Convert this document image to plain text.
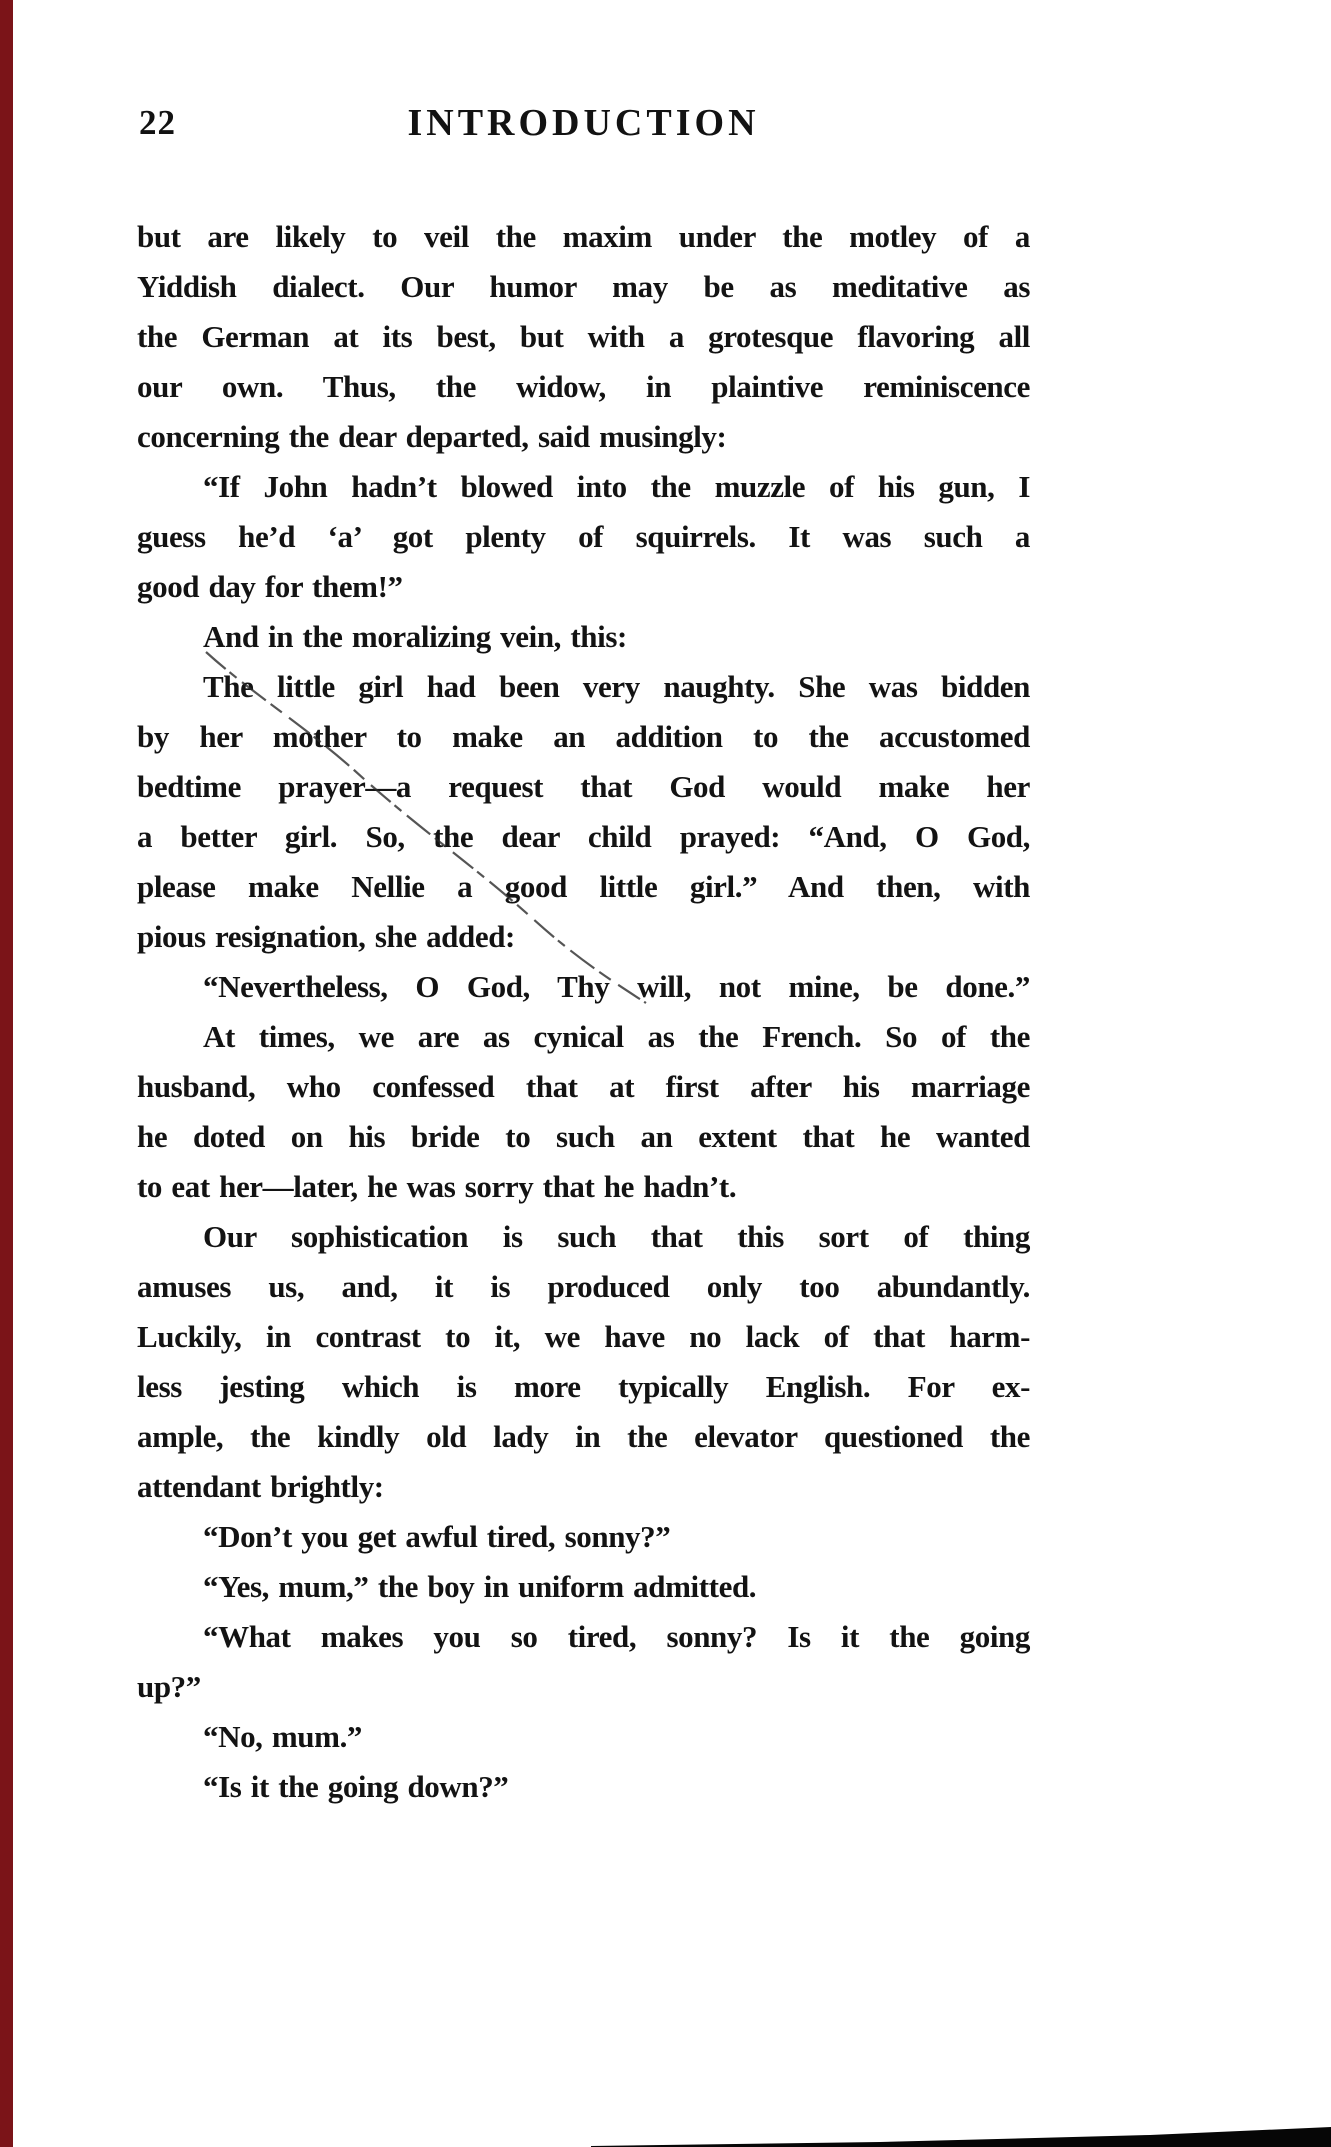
22	INTRODUCTION
but are likely to veil the maxim under the motley of a
Yiddish dialect. Our humor may be as meditative as
the German at its best, but with a grotesque flavoring all
our own. Thus, the widow, in plaintive reminiscence
concerning the dear departed, said musingly:
“If John hadn’t blowed into the muzzle of his gun, I
guess he’d ‘a’ got plenty of squirrels. It was such a
good day for them!”
And in the moralizing vein, this:
The little girl had been very naughty. She was bidden
by her mother to make an addition to the accustomed
bedtime prayer—a request that God would make her
a better girl. So, the dear child prayed: “And, O God,
please make Nellie a good little girl.” And then, with
pious resignation, she added:
“Nevertheless, O God, Thy will, not mine, be done.”
At times, we are as cynical as the French. So of the
husband, who confessed that at first after his marriage
he doted on his bride to such an extent that he wanted
to eat her—later, he was sorry that he hadn’t.
Our sophistication is such that this sort of thing
amuses us, and, it is produced only too abundantly.
Luckily, in contrast to it, we have no lack of that harm-
less jesting which is more typically English. For ex-
ample, the kindly old lady in the elevator questioned the
attendant brightly:
“Don’t you get awful tired, sonny?”
“Yes, mum,” the boy in uniform admitted.
“What makes you so tired, sonny? Is it the going
up?”
“No, mum.”
“Is it the going down?”
